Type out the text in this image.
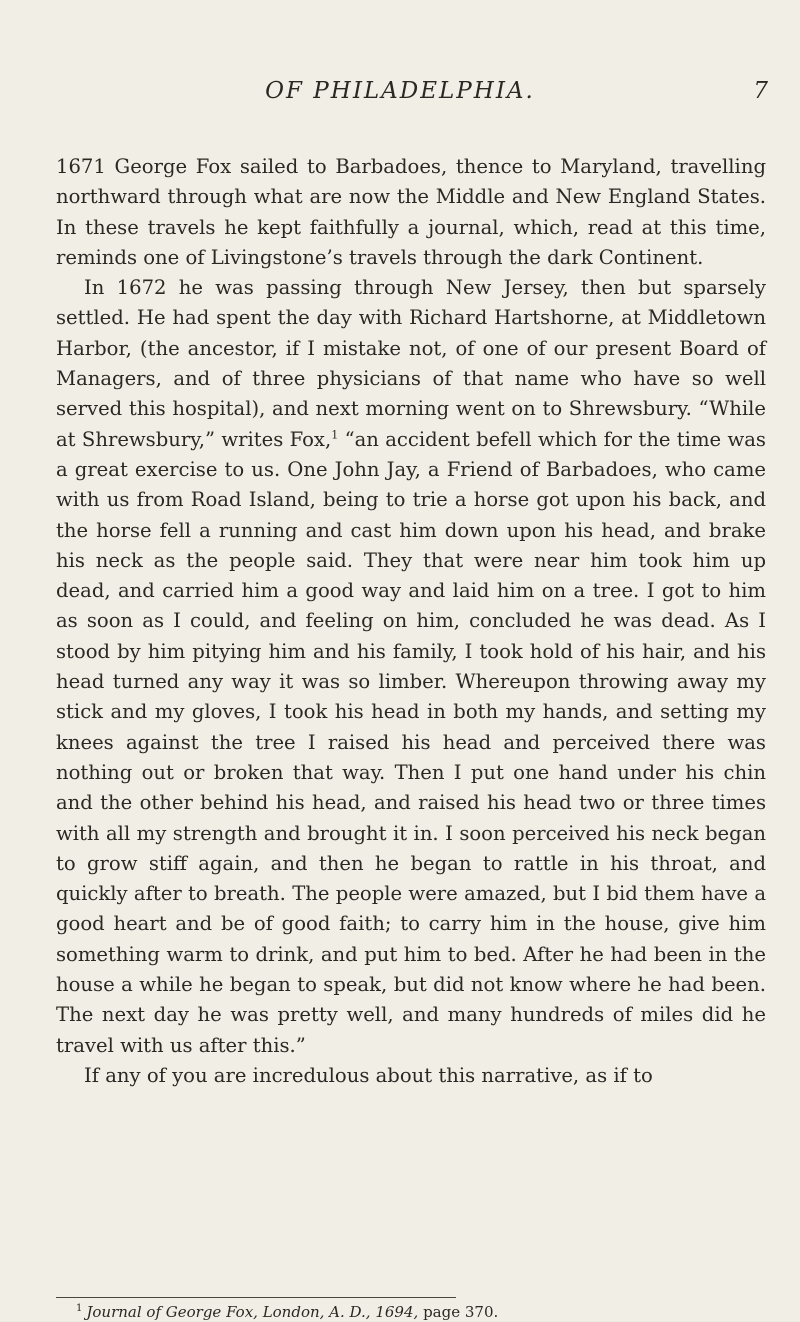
OF PHILADELPHIA.	7

1671 George Fox sailed to Barbadoes, thence to Maryland, travelling northward through what are now the Middle and New England States. In these travels he kept faithfully a journal, which, read at this time, reminds one of Livingstone’s travels through the dark Continent.

In 1672 he was passing through New Jersey, then but sparsely settled. He had spent the day with Richard Hartshorne, at Middletown Harbor, (the ancestor, if I mistake not, of one of our present Board of Managers, and of three physicians of that name who have so well served this hospital), and next morning went on to Shrewsbury. “While at Shrewsbury,” writes Fox,$^1$ “an accident befell which for the time was a great exercise to us. One John Jay, a Friend of Barbadoes, who came with us from Road Island, being to trie a horse got upon his back, and the horse fell a running and cast him down upon his head, and brake his neck as the people said. They that were near him took him up dead, and carried him a good way and laid him on a tree. I got to him as soon as I could, and feeling on him, concluded he was dead. As I stood by him pitying him and his family, I took hold of his hair, and his head turned any way it was so limber. Whereupon throwing away my stick and my gloves, I took his head in both my hands, and setting my knees against the tree I raised his head and perceived there was nothing out or broken that way. Then I put one hand under his chin and the other behind his head, and raised his head two or three times with all my strength and brought it in. I soon perceived his neck began to grow stiff again, and then he began to rattle in his throat, and quickly after to breath. The people were amazed, but I bid them have a good heart and be of good faith; to carry him in the house, give him something warm to drink, and put him to bed. After he had been in the house a while he began to speak, but did not know where he had been. The next day he was pretty well, and many hundreds of miles did he travel with us after this.”

If any of you are incredulous about this narrative, as if to

$^1$ Journal of George Fox, London, A. D., 1694, page 370.
